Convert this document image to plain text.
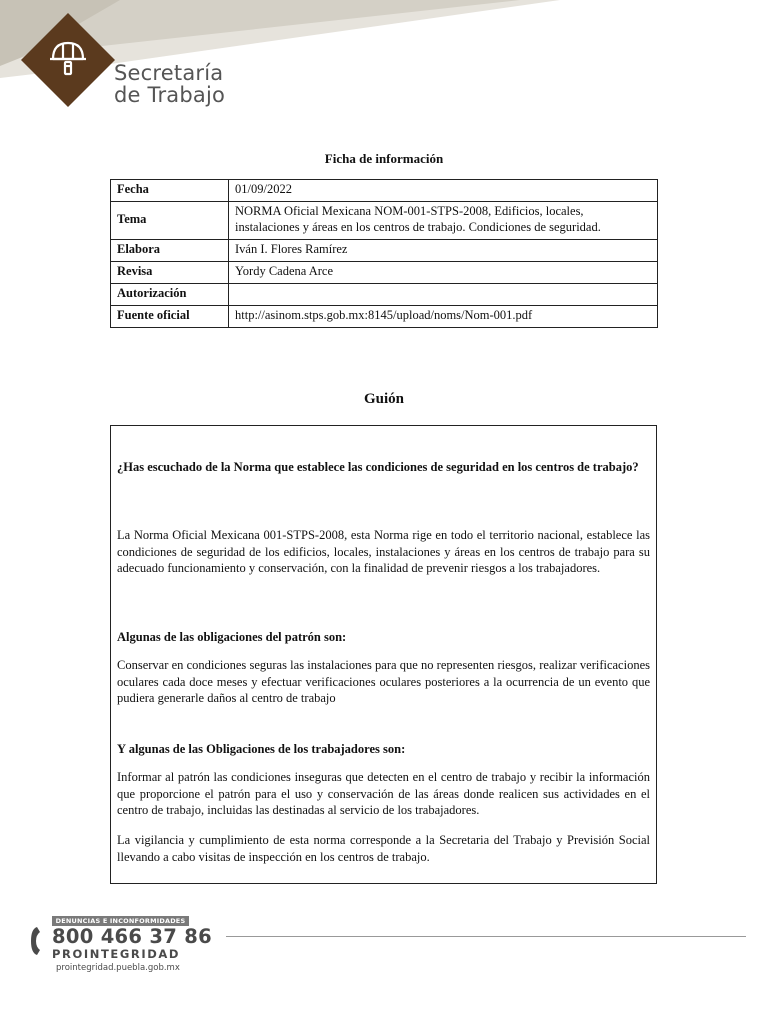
Secretaría
de Trabajo
Ficha de información
Fecha	01/09/2022
Tema	NORMA Oficial Mexicana NOM-001-STPS-2008, Edificios, locales, instalaciones y áreas en los centros de trabajo. Condiciones de seguridad.
Elabora	Iván I. Flores Ramírez
Revisa	Yordy Cadena Arce
Autorización	
Fuente oficial	http://asinom.stps.gob.mx:8145/upload/noms/Nom-001.pdf
Guión

¿Has escuchado de la Norma que establece las condiciones de seguridad en los centros de trabajo?

La Norma Oficial Mexicana 001-STPS-2008, esta Norma rige en todo el territorio nacional, establece las condiciones de seguridad de los edificios, locales, instalaciones y áreas en los centros de trabajo para su adecuado funcionamiento y conservación, con la finalidad de prevenir riesgos a los trabajadores.

Algunas de las obligaciones del patrón son:

Conservar en condiciones seguras las instalaciones para que no representen riesgos, realizar verificaciones oculares cada doce meses y efectuar verificaciones oculares posteriores a la ocurrencia de un evento que pudiera generarle daños al centro de trabajo

Y algunas de las Obligaciones de los trabajadores son:

Informar al patrón las condiciones inseguras que detecten en el centro de trabajo y recibir la información que proporcione el patrón para el uso y conservación de las áreas donde realicen sus actividades en el centro de trabajo, incluidas las destinadas al servicio de los trabajadores.

La vigilancia y cumplimiento de esta norma corresponde a la Secretaria del Trabajo y Previsión Social llevando a cabo visitas de inspección en los centros de trabajo.

DENUNCIAS E INCONFORMIDADES
800 466 37 86
PROINTEGRIDAD
prointegridad.puebla.gob.mx
